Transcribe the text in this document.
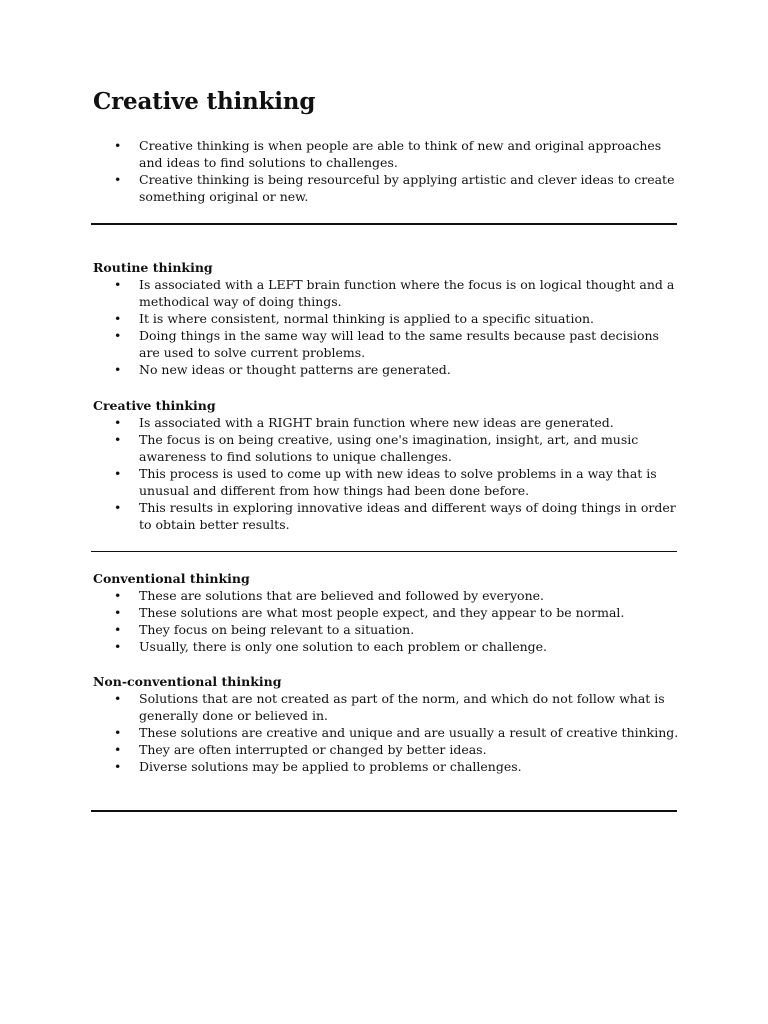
Creative thinking
• Creative thinking is when people are able to think of new and original approaches and ideas to find solutions to challenges.
• Creative thinking is being resourceful by applying artistic and clever ideas to create something original or new.

Routine thinking

• Is associated with a LEFT brain function where the focus is on logical thought and a methodical way of doing things.
• It is where consistent, normal thinking is applied to a specific situation.
• Doing things in the same way will lead to the same results because past decisions are used to solve current problems.
• No new ideas or thought patterns are generated.

Creative thinking

• Is associated with a RIGHT brain function where new ideas are generated.
• The focus is on being creative, using one's imagination, insight, art, and music awareness to find solutions to unique challenges.
• This process is used to come up with new ideas to solve problems in a way that is unusual and different from how things had been done before.
• This results in exploring innovative ideas and different ways of doing things in order to obtain better results.

Conventional thinking

• These are solutions that are believed and followed by everyone.
• These solutions are what most people expect, and they appear to be normal.
• They focus on being relevant to a situation.
• Usually, there is only one solution to each problem or challenge.

Non-conventional thinking

• Solutions that are not created as part of the norm, and which do not follow what is generally done or believed in.
• These solutions are creative and unique and are usually a result of creative thinking.
• They are often interrupted or changed by better ideas.
• Diverse solutions may be applied to problems or challenges.
